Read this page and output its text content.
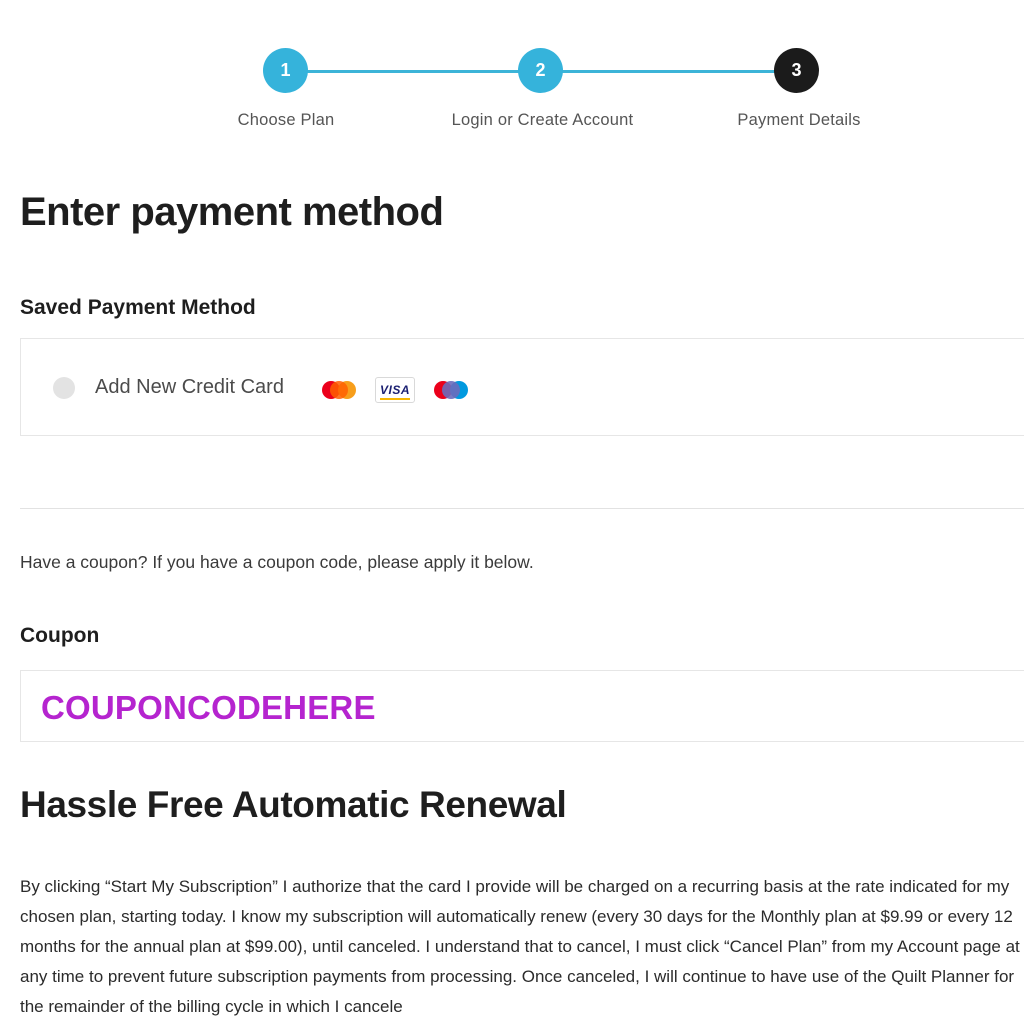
1	2	3
Choose Plan	Login or Create Account	Payment Details
Enter payment method
Saved Payment Method
Add New Credit Card	VISA
Have a coupon? If you have a coupon code, please apply it below.
Coupon
COUPONCODEHERE
Hassle Free Automatic Renewal
By clicking “Start My Subscription” I authorize that the card I provide will be charged on a recurring basis at the rate indicated for my chosen plan, starting today. I know my subscription will automatically renew (every 30 days for the Monthly plan at $9.99 or every 12 months for the annual plan at $99.00), until canceled. I understand that to cancel, I must click “Cancel Plan” from my Account page at any time to prevent future subscription payments from processing. Once canceled, I will continue to have use of the Quilt Planner for the remainder of the billing cycle in which I cancele
